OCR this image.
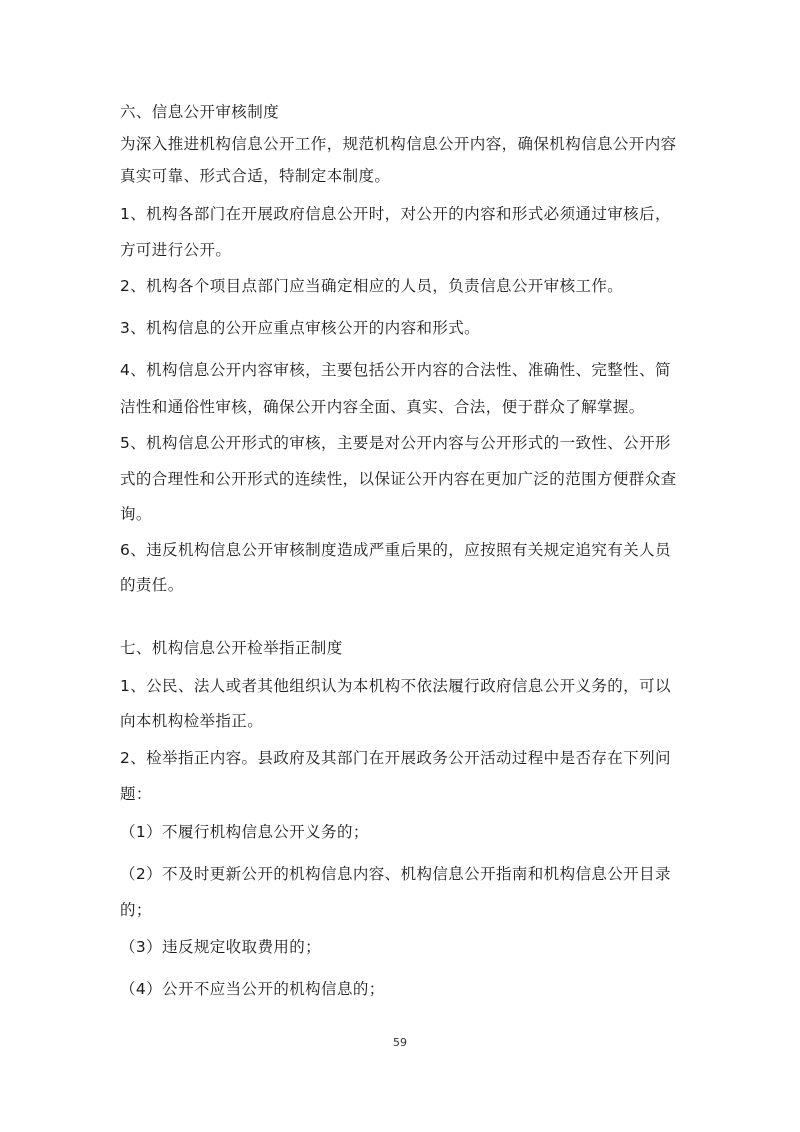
六、信息公开审核制度
为深入推进机构信息公开工作，规范机构信息公开内容，确保机构信息公开内容
真实可靠、形式合适，特制定本制度。
1、机构各部门在开展政府信息公开时，对公开的内容和形式必须通过审核后，
方可进行公开。
2、机构各个项目点部门应当确定相应的人员，负责信息公开审核工作。
3、机构信息的公开应重点审核公开的内容和形式。
4、机构信息公开内容审核，主要包括公开内容的合法性、准确性、完整性、简
洁性和通俗性审核，确保公开内容全面、真实、合法，便于群众了解掌握。
5、机构信息公开形式的审核，主要是对公开内容与公开形式的一致性、公开形
式的合理性和公开形式的连续性，以保证公开内容在更加广泛的范围方便群众查
询。
6、违反机构信息公开审核制度造成严重后果的，应按照有关规定追究有关人员
的责任。
七、机构信息公开检举指正制度
1、公民、法人或者其他组织认为本机构不依法履行政府信息公开义务的，可以
向本机构检举指正。
2、检举指正内容。县政府及其部门在开展政务公开活动过程中是否存在下列问
题：
（1）不履行机构信息公开义务的；
（2）不及时更新公开的机构信息内容、机构信息公开指南和机构信息公开目录
的；
（3）违反规定收取费用的；
（4）公开不应当公开的机构信息的；
59
